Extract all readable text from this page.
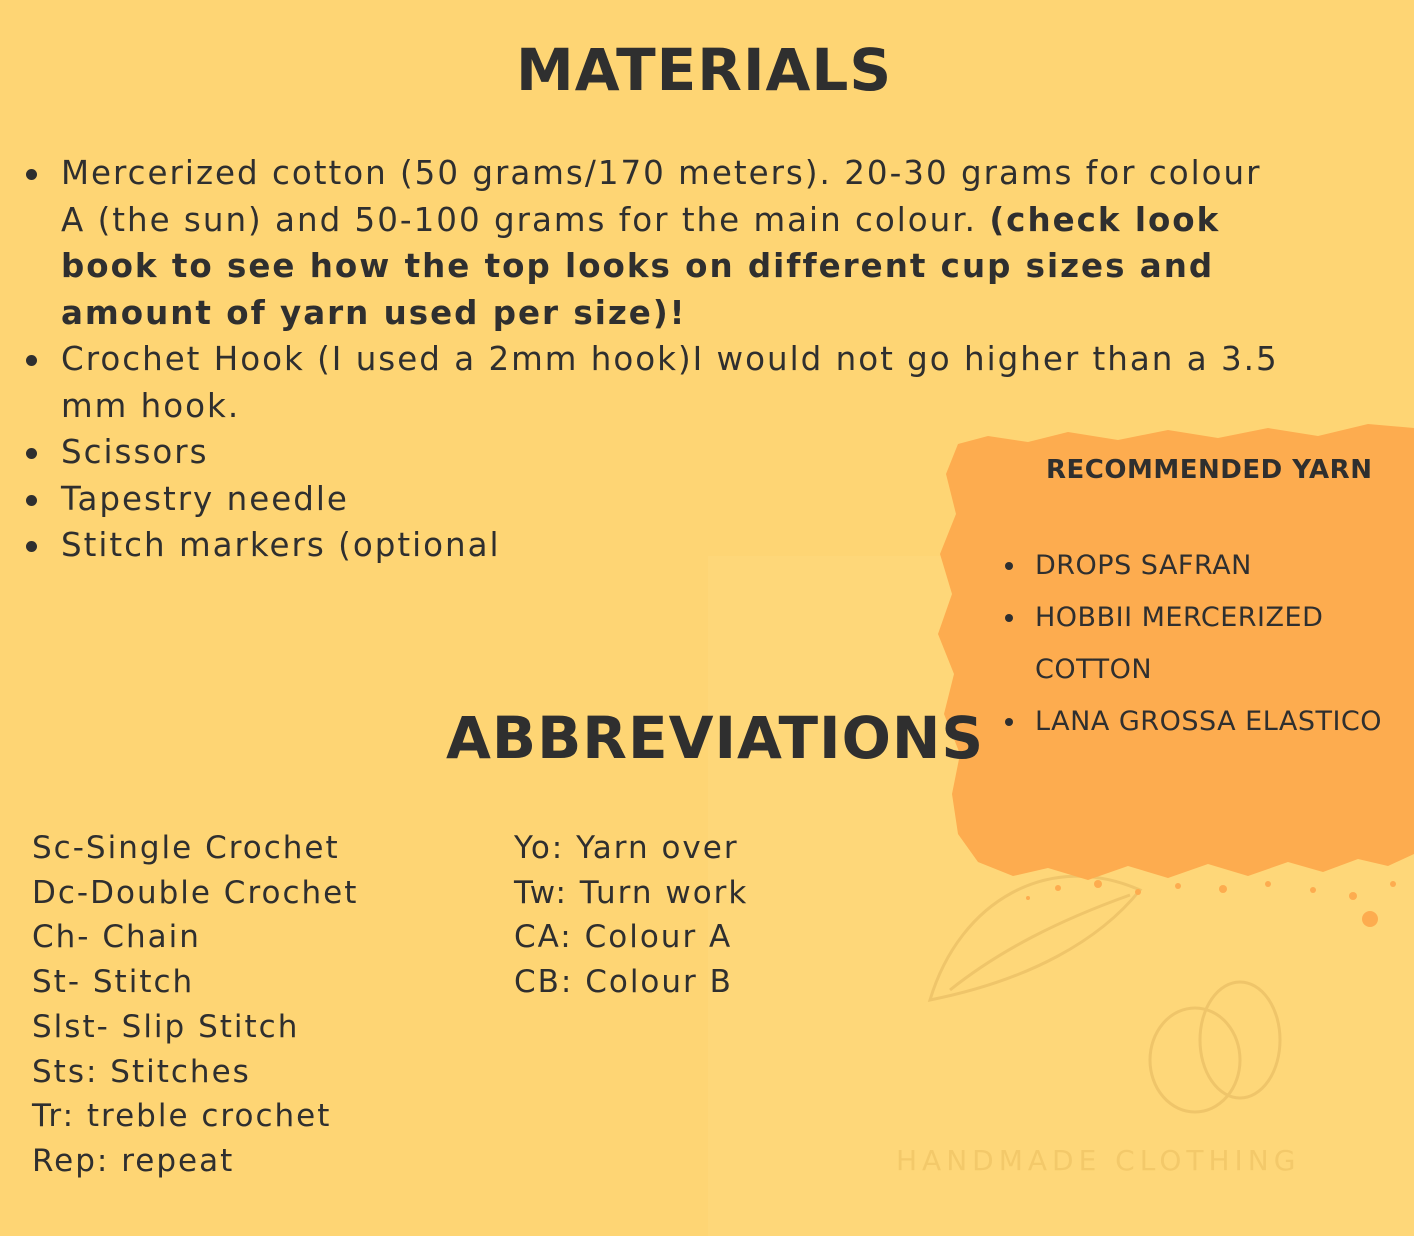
HANDMADE CLOTHING
MATERIALS
Mercerized cotton (50 grams/170 meters). 20-30 grams for colour A (the sun) and 50-100 grams for the main colour. (check look book to see how the top looks on different cup sizes and amount of yarn used per size)!
Crochet Hook (I used a 2mm hook)I would not go higher than a 3.5 mm hook.
Scissors
Tapestry needle
Stitch markers (optional
RECOMMENDED YARN
DROPS SAFRAN
HOBBII MERCERIZED COTTON
LANA GROSSA ELASTICO
ABBREVIATIONS
Sc-Single Crochet
Dc-Double Crochet
Ch- Chain
St- Stitch
Slst- Slip Stitch
Sts: Stitches
Tr: treble crochet
Rep: repeat
Yo: Yarn over
Tw: Turn work
CA: Colour A
CB: Colour B
